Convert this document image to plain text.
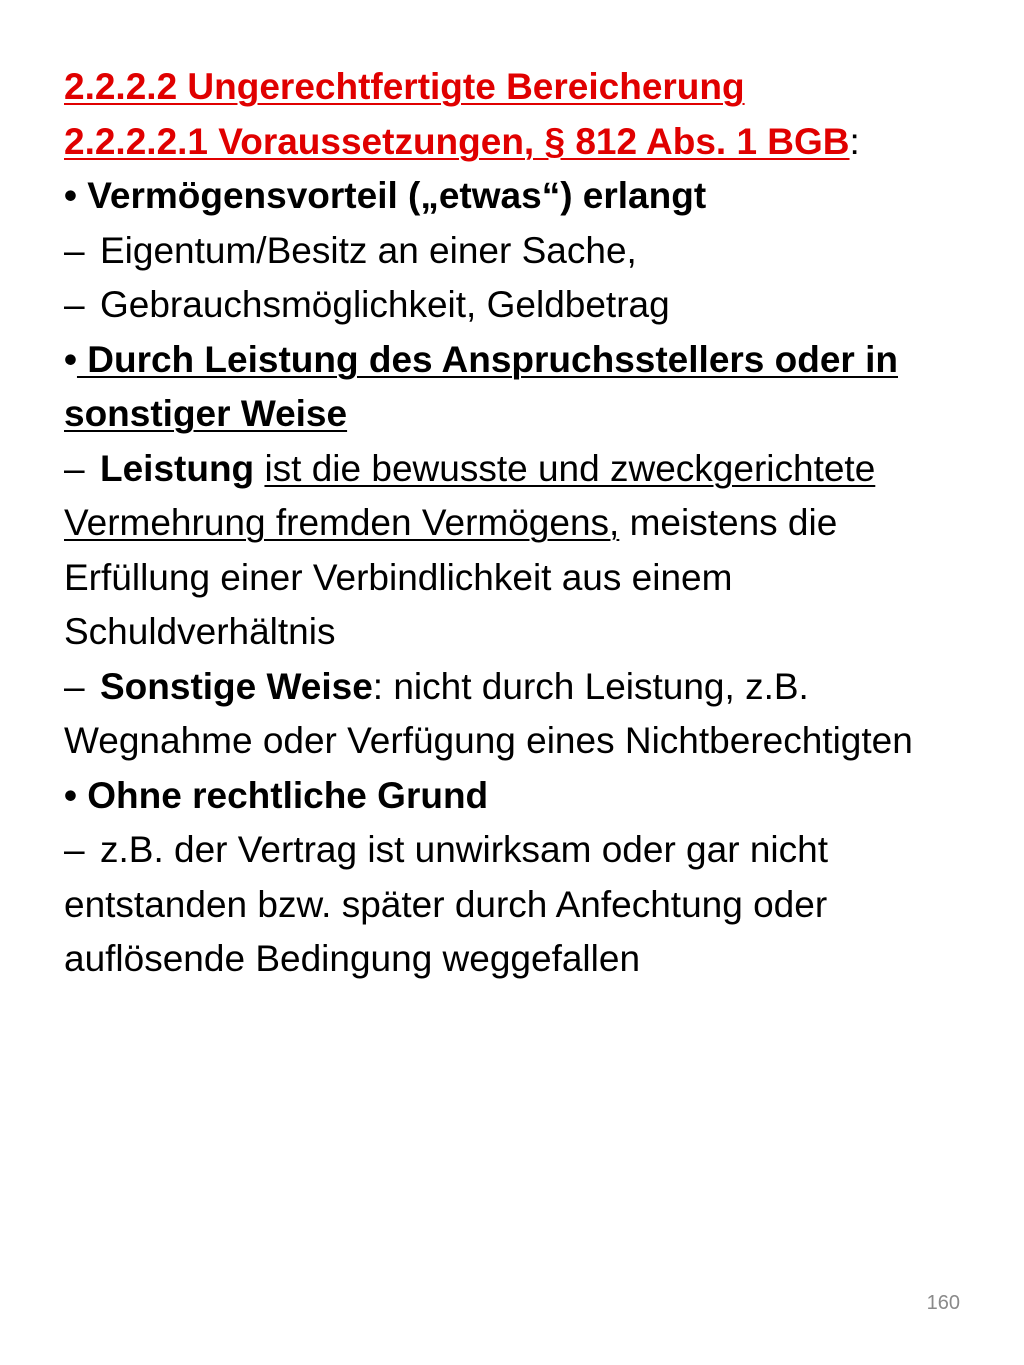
2.2.2.2 Ungerechtfertigte Bereicherung
2.2.2.2.1 Voraussetzungen, § 812 Abs. 1 BGB:
• Vermögensvorteil („etwas“) erlangt
– Eigentum/Besitz an einer Sache,
– Gebrauchsmöglichkeit, Geldbetrag
• Durch Leistung des Anspruchsstellers oder in sonstiger Weise
– Leistung ist die bewusste und zweckgerichtete Vermehrung fremden Vermögens, meistens die Erfüllung einer Verbindlichkeit aus einem Schuldverhältnis
– Sonstige Weise: nicht durch Leistung, z.B. Wegnahme oder Verfügung eines Nichtberechtigten
• Ohne rechtliche Grund
– z.B. der Vertrag ist unwirksam oder gar nicht entstanden bzw. später durch Anfechtung oder auflösende Bedingung weggefallen
160
